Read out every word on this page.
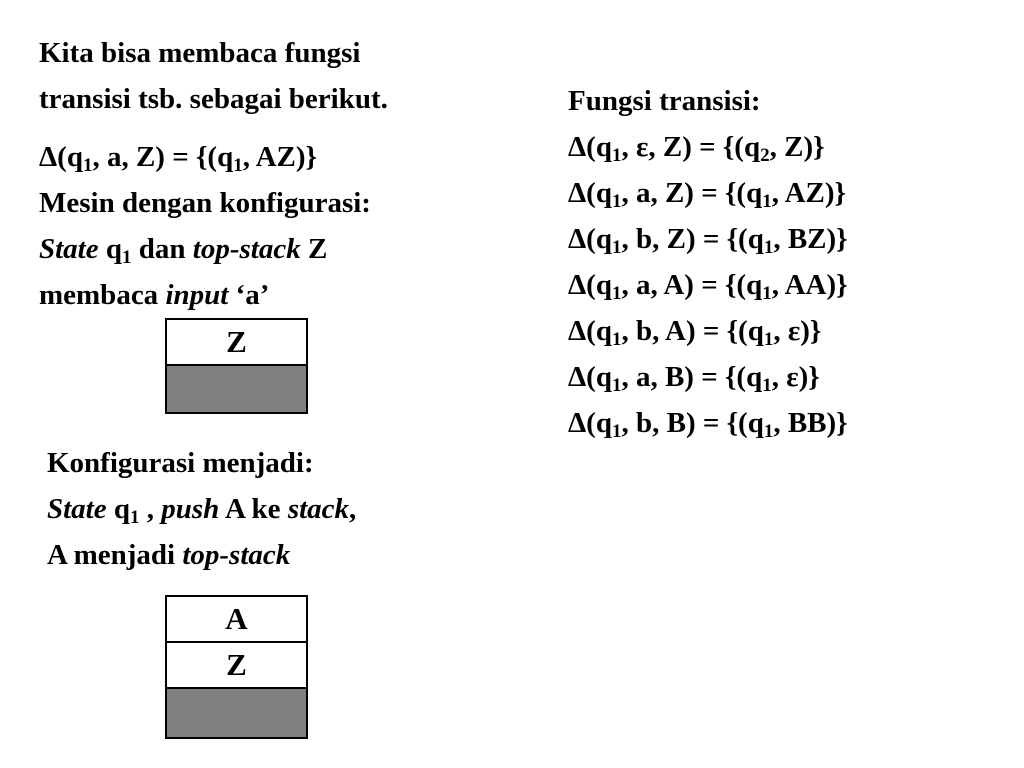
Kita bisa membaca fungsi
transisi tsb. sebagai berikut.
$\Delta(q_1$, a, $Z) = \{(q_1$, AZ)}
Mesin dengan konfigurasi:
State $q_1$ dan top-stack Z
membaca input ‘a’
Z
Konfigurasi menjadi:
State $q_1$ , push A ke stack,
A menjadi top-stack
A
Z
Fungsi transisi:
$\Delta(q_1$, ε, $Z) = \{(q_2$, Z)}
$\Delta(q_1$, a, $Z) = \{(q_1$, AZ)}
$\Delta(q_1$, b, $Z) = \{(q_1$, BZ)}
$\Delta(q_1$, a, $A) = \{(q_1$, AA)}
$\Delta(q_1$, b, $A) = \{(q_1$, ε)}
$\Delta(q_1$, a, $B) = \{(q_1$, ε)}
$\Delta(q_1$, b, $B) = \{(q_1$, BB)}
